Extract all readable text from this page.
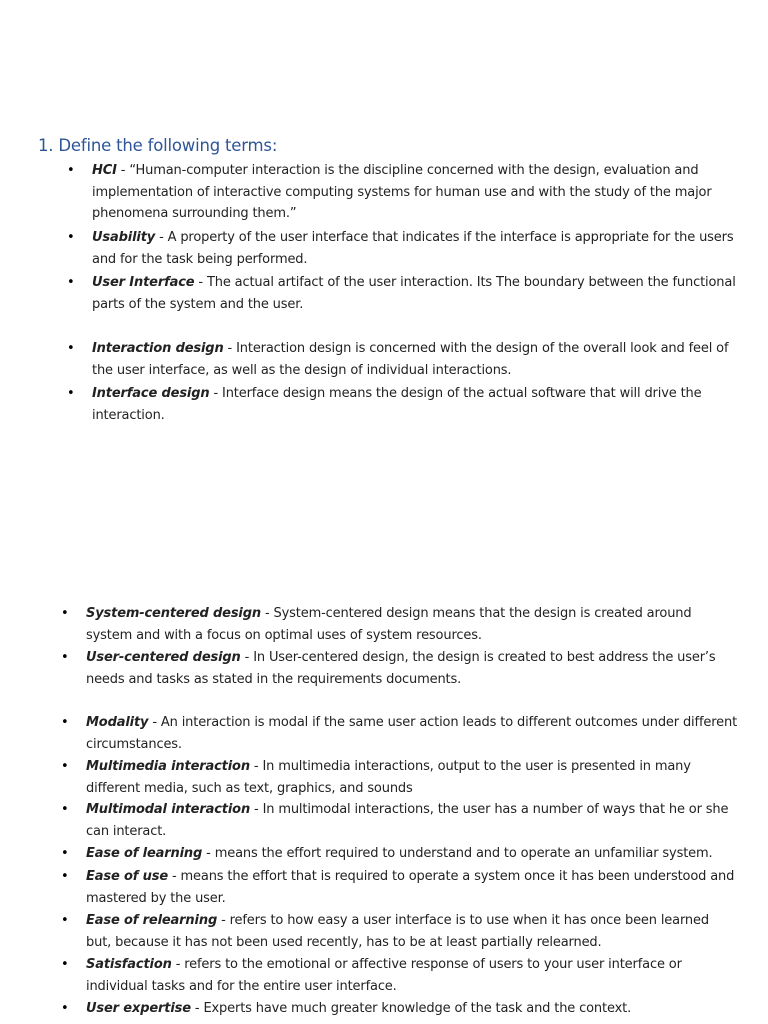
1. Define the following terms:
• HCI - “Human-computer interaction is the discipline concerned with the design, evaluation and implementation of interactive computing systems for human use and with the study of the major phenomena surrounding them.”
• Usability - A property of the user interface that indicates if the interface is appropriate for the users and for the task being performed.
• User Interface - The actual artifact of the user interaction. Its The boundary between the functional parts of the system and the user.
• Interaction design - Interaction design is concerned with the design of the overall look and feel of the user interface, as well as the design of individual interactions.
• Interface design - Interface design means the design of the actual software that will drive the interaction.
• System-centered design - System-centered design means that the design is created around system and with a focus on optimal uses of system resources.
• User-centered design - In User-centered design, the design is created to best address the user’s needs and tasks as stated in the requirements documents.
• Modality - An interaction is modal if the same user action leads to different outcomes under different circumstances.
• Multimedia interaction - In multimedia interactions, output to the user is presented in many different media, such as text, graphics, and sounds
• Multimodal interaction - In multimodal interactions, the user has a number of ways that he or she can interact.
• Ease of learning - means the effort required to understand and to operate an unfamiliar system.
• Ease of use - means the effort that is required to operate a system once it has been understood and mastered by the user.
• Ease of relearning - refers to how easy a user interface is to use when it has once been learned but, because it has not been used recently, has to be at least partially relearned.
• Satisfaction - refers to the emotional or affective response of users to your user interface or individual tasks and for the entire user interface.
• User expertise - Experts have much greater knowledge of the task and the context.
